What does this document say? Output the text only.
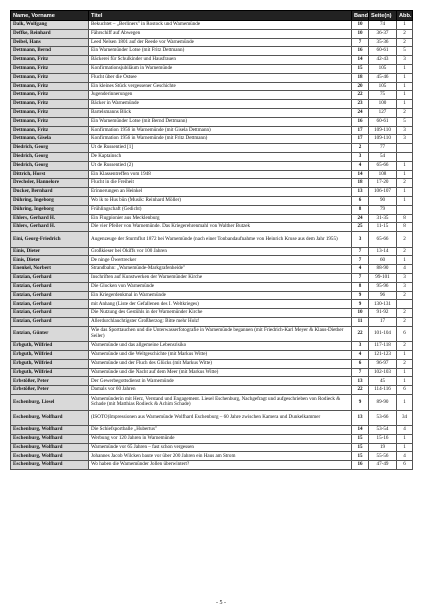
Name, Vorname	Titel	Band	Seite(n)	Abb.
Dalk, Wolfgang	Bekuchtet – „Berliners" in Rostock und Warnemünde	10	74	1
Deffke, Reinhard	Fährschiff auf Abwegen	10	36-37	2
Deibel, Hans	Leed Nelsen 1801 auf der Reede vor Warnemünde	7	35-36	2
Dettmann, Bernd	Ein Warnemünder Lotse (mit Fritz Dettmann)	16	60-61	5
Dettmann, Fritz	Bäckerei für Schulkinder und Hausfrauen	14	42-43	3
Dettmann, Fritz	Konfirmationsjubiläum in Warnemünde	15	105	1
Dettmann, Fritz	Flucht über die Ostsee	18	45-46	1
Dettmann, Fritz	Ein kleines Stück vergessener Geschichte	20	105	1
Dettmann, Fritz	Jugenderinnerungen	22	75	1
Dettmann, Fritz	Bäcker in Warnemünde	23	100	1
Dettmann, Fritz	Bartelsmanns Blick	24	127	2
Dettmann, Fritz	Ein Warnemünder Lotse (mit Bernd Dettmann)	16	60-61	5
Dettmann, Fritz	Konfirmation 1956 in Warnemünde (mit Gisela Dettmann)	17	109-110	3
Dettmann, Gisela	Konfirmation 1956 in Warnemünde (mit Fritz Dettmann)	17	109-110	3
Diedrich, Georg	Ut de Russentied [1]	2	77	
Diedrich, Georg	De Kaptainsch	3	54	
Diedrich, Georg	Ut de Russentied (2)	4	65-66	1
Dittrich, Horst	Ein Klassentreffen vom 1948	14	108	1
Drechsler, Hannelore	Flucht in die Freiheit	18	17-20	2
Ducker, Bernhard	Erinnerungen an Heinkel	13	106-107	1
Dühring, Ingeborg	Wo ik to Hus bün (Musik: Reinhard Möller)	6	90	1
Dühring, Ingeborg	Frühlingschaft (Gedicht)	8	79	
Ehlers, Gerhard H.	Ein Flugpionier aus Mecklenburg	24	31-35	8
Ehlers, Gerhard H.	Die vier Pfeiler von Warnemünde. Das Kriegerehrenmahl von Walther Butzek	25	11-15	8
Eini, Georg-Friedrich	Augenzeuge der Sturmflut 1872 bei Warnemünde (nach einer Tonbandaufnahme von Heinrich Kruse aus dem Jahr 1955)	3	65-66	2
Einis, Dieter	Großkieser bei Okiffs vor 100 Jahren	7	13-14	2
Einis, Dieter	De ninge Ôwertrecker	7	60	1
Enenkel, Norbert	Strandbahn: „Warnemünde-Markgrafenheide"	4	88-90	4
Entzian, Gerhard	Inschriften auf Kunstwerken der Warnemünder Kirche	7	99-101	3
Entzian, Gerhard	Die Glocken von Warnemünde	8	95-96	3
Entzian, Gerhard	Ein Kriegerdenkmal in Warnemünde	9	96	2
Entzian, Gerhard	mit Anhang (Liste der Gefallenen des I. Weltkrieges)	9	130-131	
Entzian, Gerhard	Die Nutzung des Gestühls in der Warnemünder Kirche	10	91-92	2
Entzian, Gerhard	Allerdurchlauchtigster Großherzog: Bitte mehr Holz!	11	17	2
Entzian, Günter	Wie das Sporttauchen und die Unterwasserfotografie in Warnemünde begannen (mit Friedrich-Karl Meyer & Klaus-Diether Seiler)	22	101-104	6
Erbguth, Wilfried	Warnemünde und das allgemeine Lebensrisiko	3	117-118	2
Erbguth, Wilfried	Warnemünde und die Weltgeschichte (mit Markus Witte)	4	121-123	1
Erbguth, Wilfried	Warnemünde und der Fluch des Glücks (mit Markus Witte)	6	96-97	2
Erbguth, Wilfried	Warnemünde und die Nacht auf dem Meer (mit Markus Witte)	7	102-103	1
Erbstößer, Peter	Der Gewerbegottsdienst in Warnemünde	13	45	1
Erbstößer, Peter	Damals vor 60 Jahren	22	114-116	6
Eschenburg, Liesel	Warnemünderin mit Herz, Verstand und Engagement. Liesel Eschenburg, Nachgefragt und aufgeschrieben von Rodieck & Schade (mit Matthias Rodieck & Achim Schade)	9	89-90	1
Eschenburg, Wolfhard	(ISOTO)Impressionen aus Warnemünde Wolfhard Eschenburg – 60 Jahre zwischen Kamera und Dunkelkammer	13	53-66	34
Eschenburg, Wolfhard	Die Schiefsportballe „Hubertus"	14	53-54	4
Eschenburg, Wolfhard	Werbung vor 120 Jahren in Warnemünde	15	15-16	1
Eschenburg, Wolfhard	Warnemünde vor 65 Jahren – fast schon vergessen	15	19	1
Eschenburg, Wolfhard	Johannes Jacob Wilcken baute vor über 200 Jahren ein Haus am Strom	15	55-56	4
Eschenburg, Wolfhard	Wo haben die Warnemünder Jollen überwintert?	16	47-49	6
- 5 -
